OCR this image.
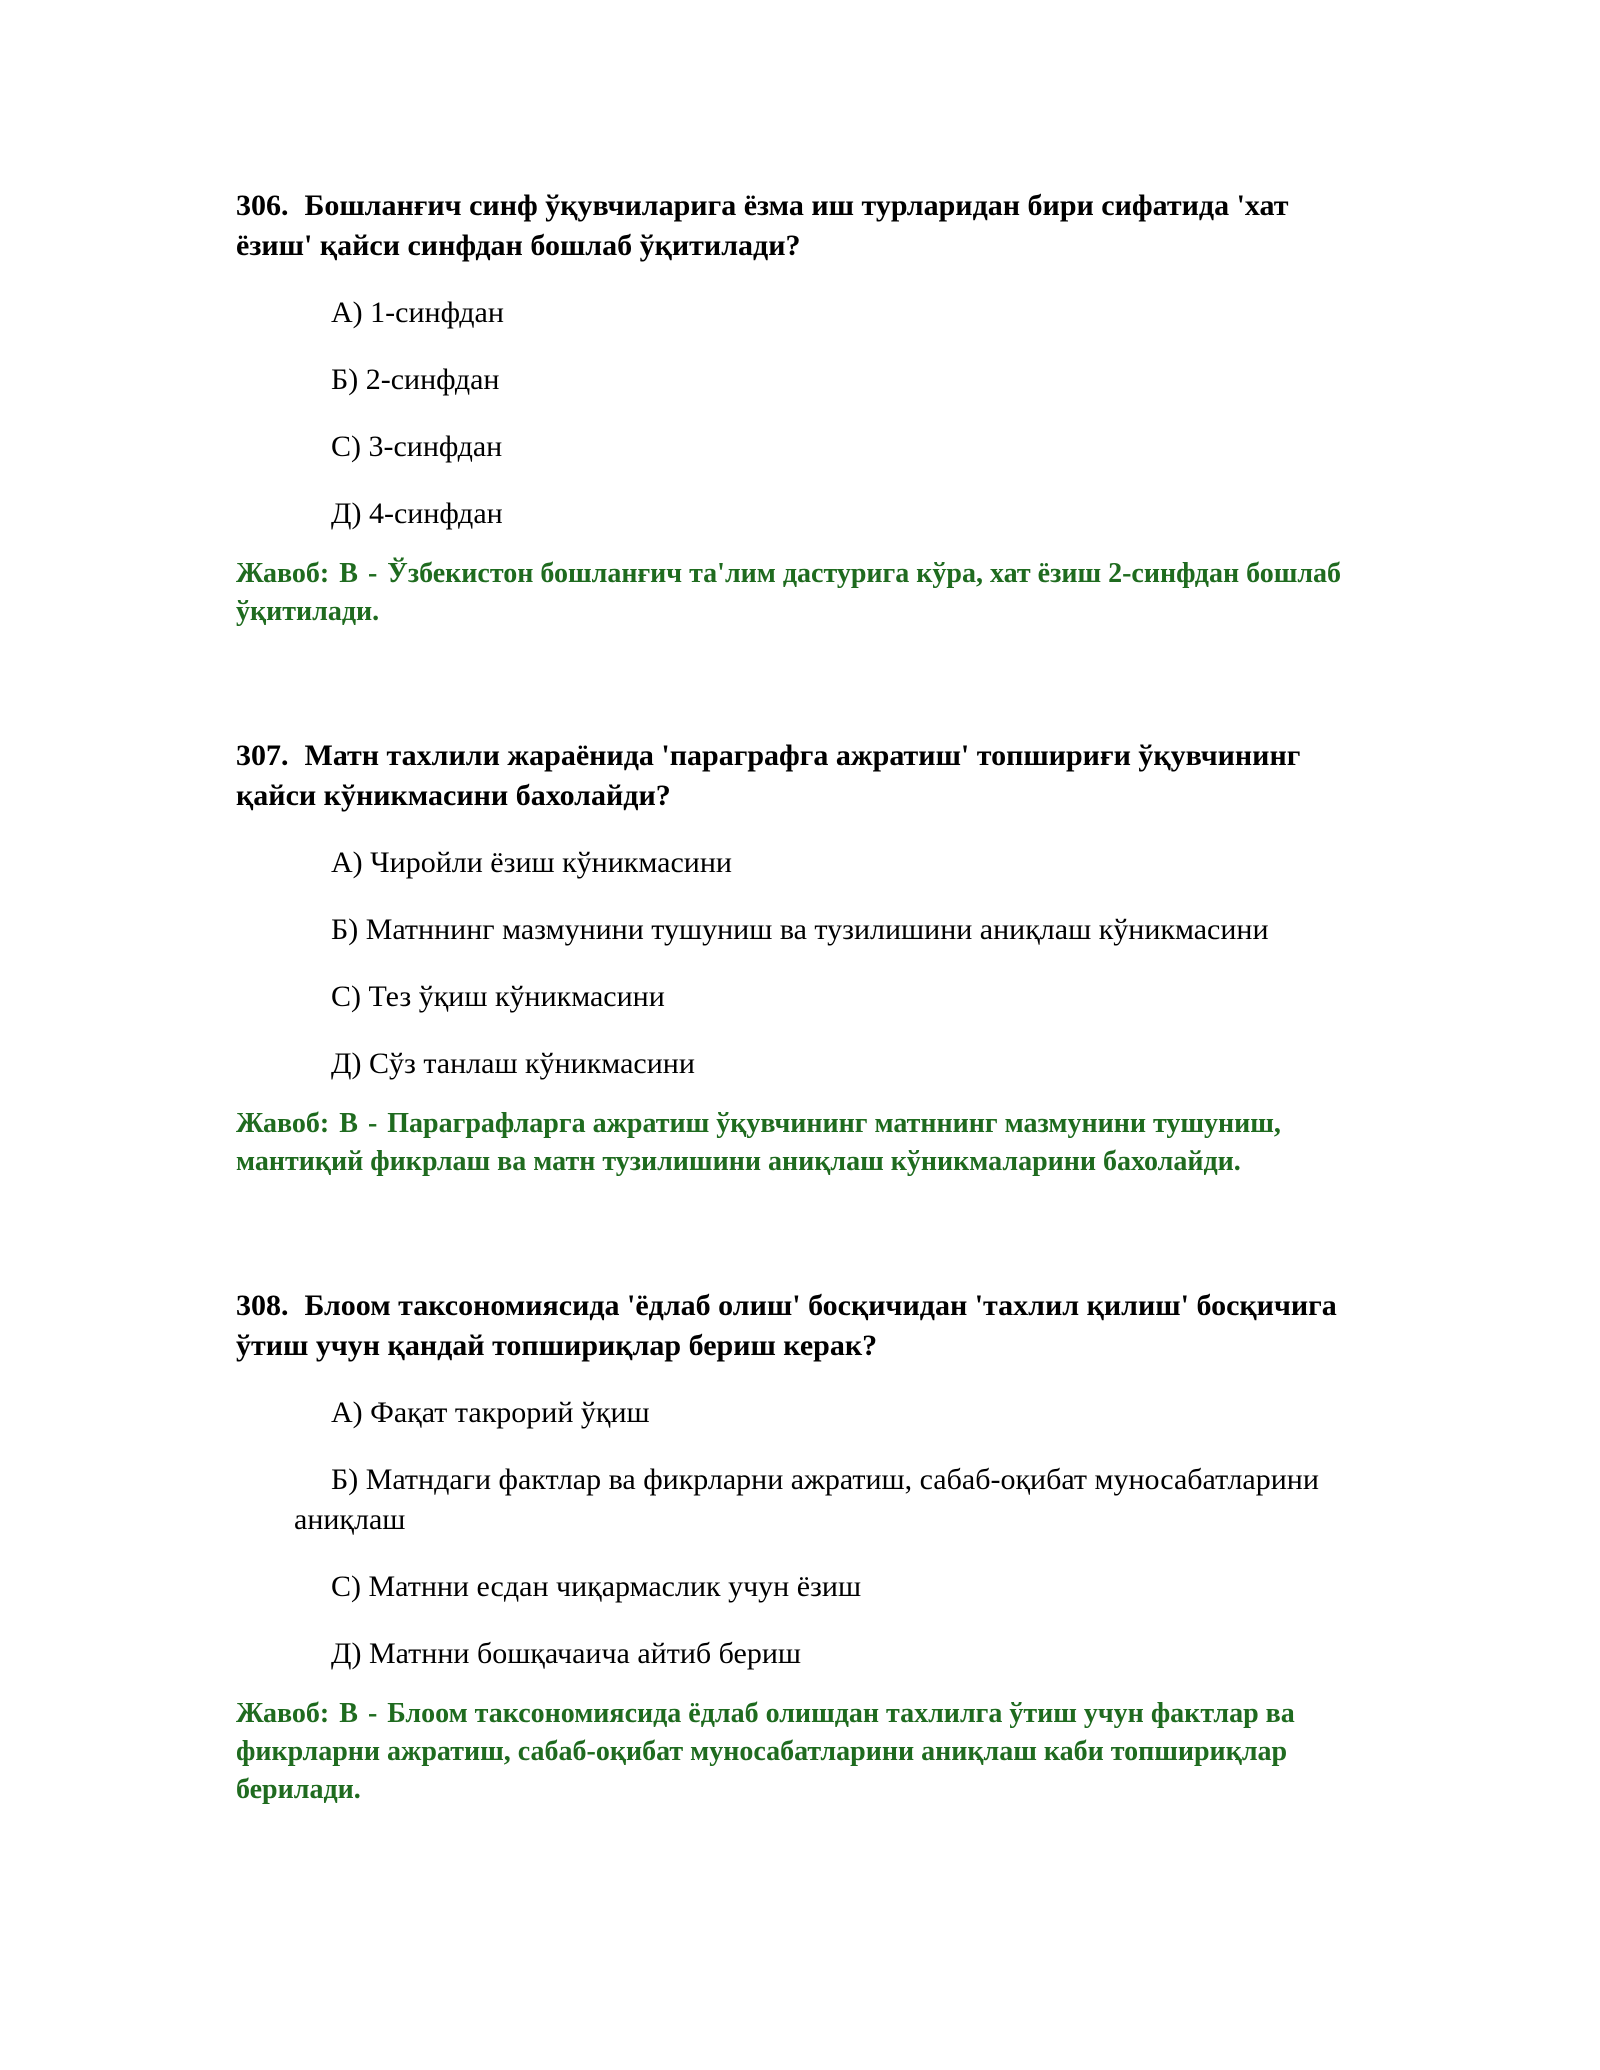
306. Бошланғич синф ўқувчиларига ёзма иш турларидан бири сифатида 'хат ёзиш' қайси синфдан бошлаб ўқитилади?

А) 1-синфдан
Б) 2-синфдан
С) 3-синфдан
Д) 4-синфдан
Жавоб: B - Ўзбекистон бошланғич та'лим дастурига кўра, хат ёзиш 2-синфдан бошлаб ўқитилади.

307. Матн тахлили жараёнида 'параграфга ажратиш' топшириғи ўқувчининг қайси кўникмасини бахолайди?

А) Чиройли ёзиш кўникмасини
Б) Матннинг мазмунини тушуниш ва тузилишини аниқлаш кўникмасини
С) Тез ўқиш кўникмасини
Д) Сўз танлаш кўникмасини
Жавоб: B - Параграфларга ажратиш ўқувчининг матннинг мазмунини тушуниш, мантиқий фикрлаш ва матн тузилишини аниқлаш кўникмаларини бахолайди.

308. Блоом таксономиясида 'ёдлаб олиш' босқичидан 'тахлил қилиш' босқичига ўтиш учун қандай топшириқлар бериш керак?

А) Фақат такрорий ўқиш
Б) Матндаги фактлар ва фикрларни ажратиш, сабаб-оқибат муносабатларини аниқлаш
С) Матнни есдан чиқармаслик учун ёзиш
Д) Матнни бошқачаича айтиб бериш
Жавоб: B - Блоом таксономиясида ёдлаб олишдан тахлилга ўтиш учун фактлар ва фикрларни ажратиш, сабаб-оқибат муносабатларини аниқлаш каби топшириқлар берилади.
